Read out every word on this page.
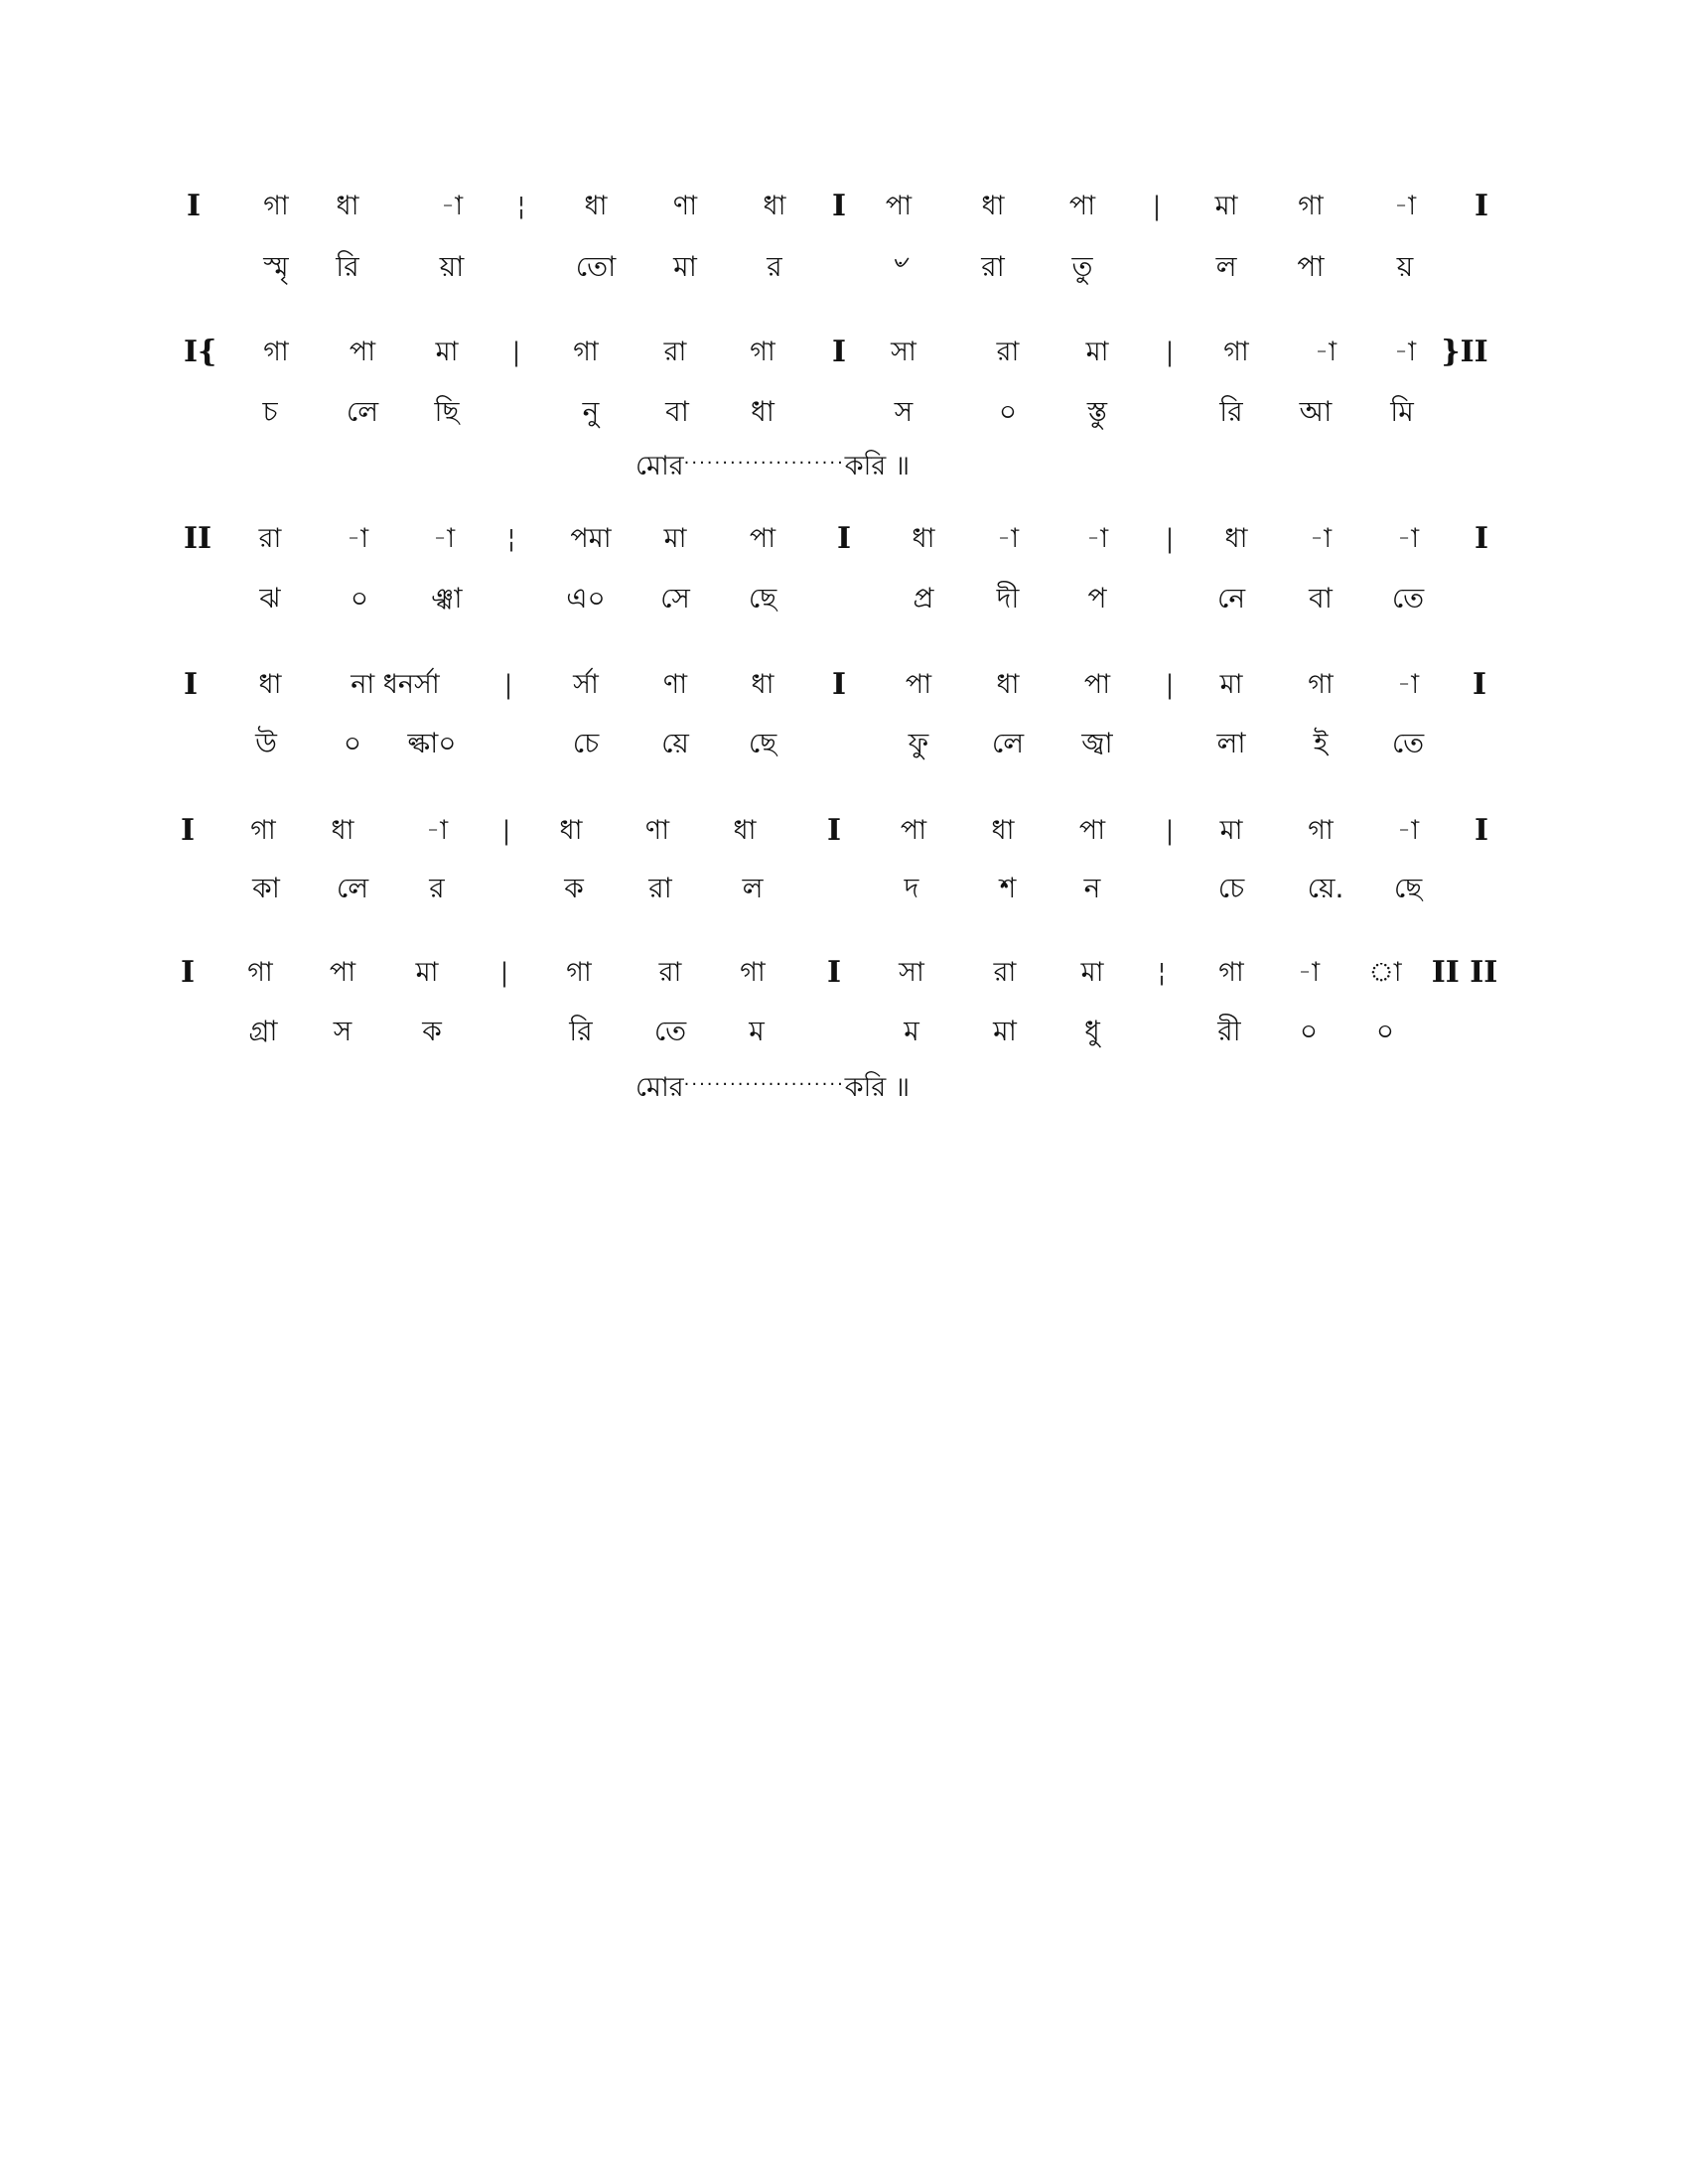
I	গা	ধা	-া	¦	ধা	ণা	ধা	I	পা	ধা	পা	|	মা	গা	-া	I
স্মৃ	রি	য়া	তো	মা	র	৺	রা	তু	ল	পা	য়
I{	গা	পা	মা	|	গা	রা	গা	I	সা	রা	মা	|	গা	-া	-া }II
চ	লে	ছি	নু	বা	ধা	স	০	স্তু	রি	আ	মি
মোর·····················করি ॥
II	রা	-া	-া	¦	পমা	মা	পা	I	ধা	-া	-া	|	ধা	-া	-া	I
ঝ	০	ঞ্ঝা	এ০	সে	ছে	প্র	দী	প	নে	বা	তে
I	ধা	না ধনর্সা	|	র্সা	ণা	ধা	I	পা	ধা	পা	|	মা	গা	-া	I
উ	০	ল্কা০	চে	য়ে	ছে	ফু	লে	জ্বা	লা	ই	তে
I	গা	ধা	-া	|	ধা	ণা	ধা	I	পা	ধা	পা	|	মা	গা	-া	I
কা	লে	র	ক	রা	ল	দ	শ	ন	চে	য়ে.	ছে
I	গা	পা	মা	|	গা	রা	গা	I	সা	রা	মা	¦	গা	-া	া	II II
গ্রা	স	ক	রি	তে	ম	ম	মা	ধু	রী	০	০
মোর·····················করি ॥
